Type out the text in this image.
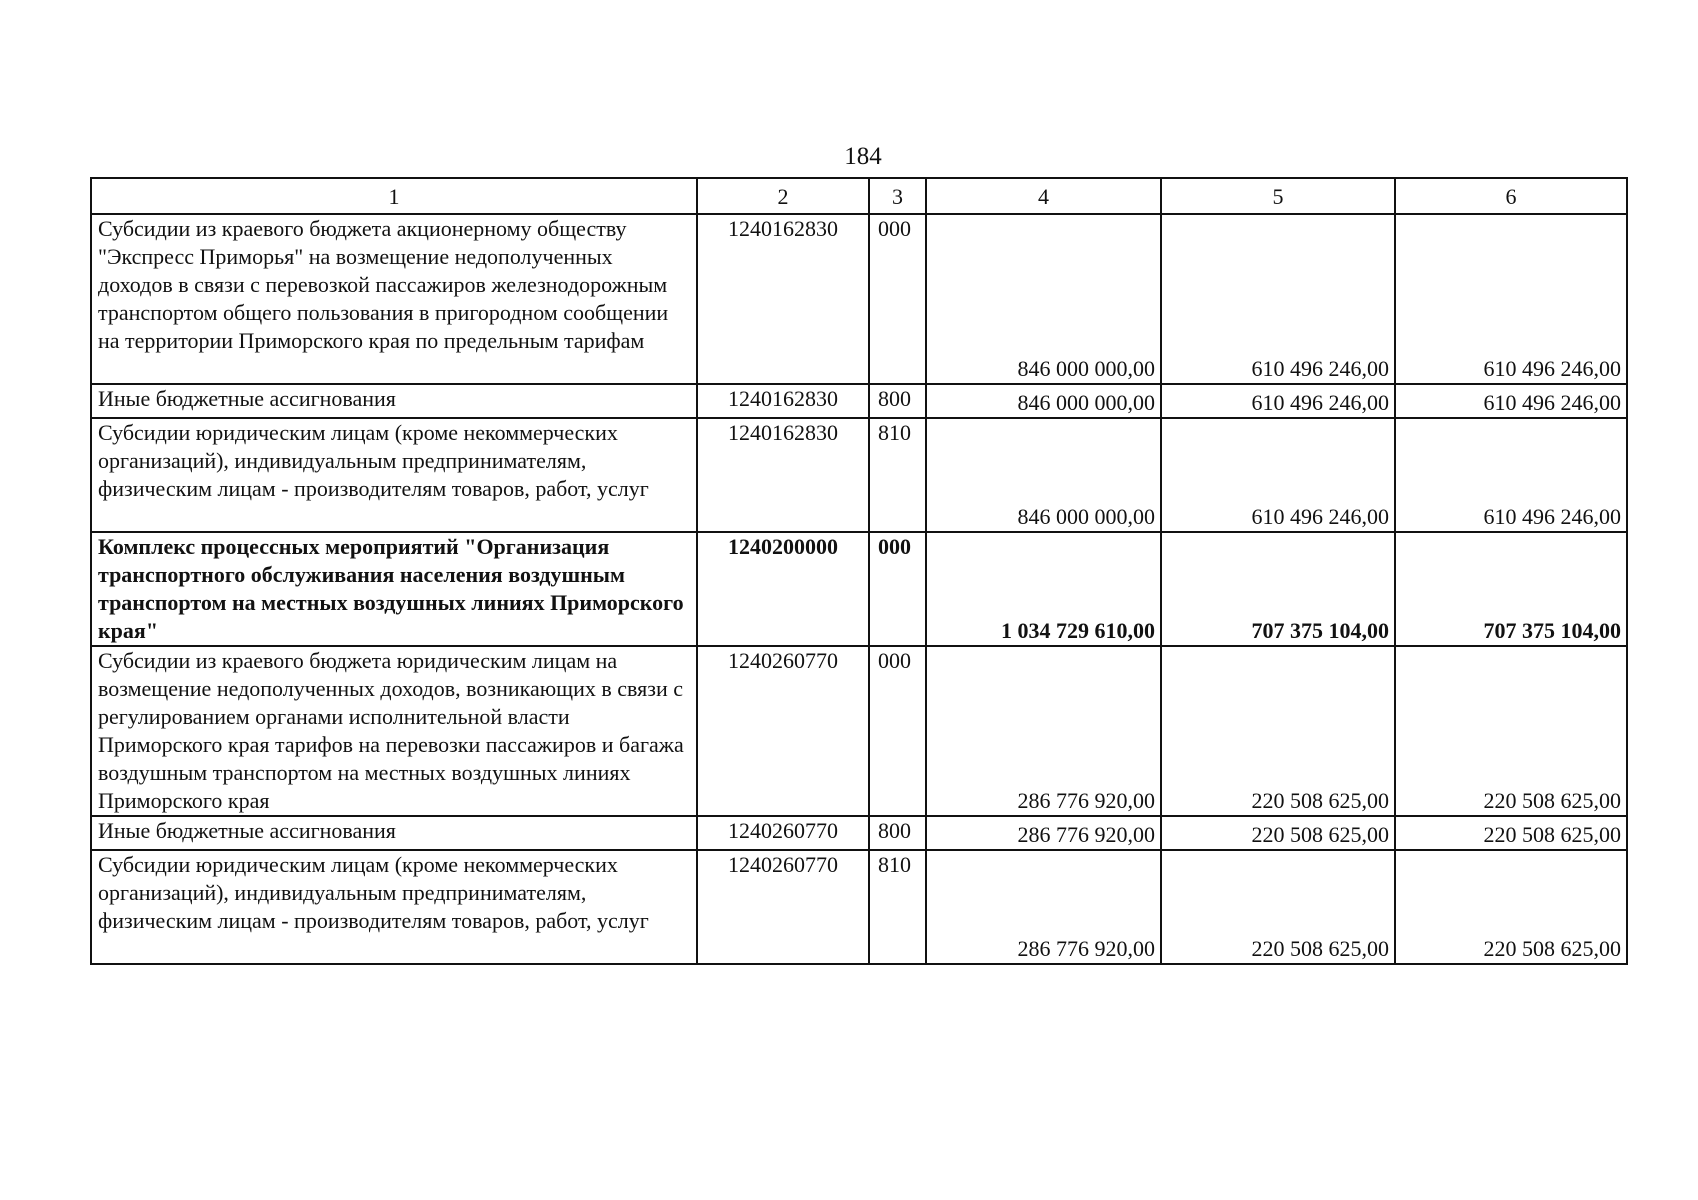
184
1	2	3	4	5	6
Субсидии из краевого бюджета акционерному обществу "Экспресс Приморья" на возмещение недополученных доходов в связи с перевозкой пассажиров железнодорожным транспортом общего пользования в пригородном сообщении на территории Приморского края по предельным тарифам	1240162830	000	846 000 000,00	610 496 246,00	610 496 246,00
Иные бюджетные ассигнования	1240162830	800	846 000 000,00	610 496 246,00	610 496 246,00
Субсидии юридическим лицам (кроме некоммерческих организаций), индивидуальным предпринимателям, физическим лицам - производителям товаров, работ, услуг	1240162830	810	846 000 000,00	610 496 246,00	610 496 246,00
Комплекс процессных мероприятий "Организация транспортного обслуживания населения воздушным транспортом на местных воздушных линиях Приморского края"	1240200000	000	1 034 729 610,00	707 375 104,00	707 375 104,00
Субсидии из краевого бюджета юридическим лицам на возмещение недополученных доходов, возникающих в связи с регулированием органами исполнительной власти Приморского края тарифов на перевозки пассажиров и багажа воздушным транспортом на местных воздушных линиях Приморского края	1240260770	000	286 776 920,00	220 508 625,00	220 508 625,00
Иные бюджетные ассигнования	1240260770	800	286 776 920,00	220 508 625,00	220 508 625,00
Субсидии юридическим лицам (кроме некоммерческих организаций), индивидуальным предпринимателям, физическим лицам - производителям товаров, работ, услуг	1240260770	810	286 776 920,00	220 508 625,00	220 508 625,00
